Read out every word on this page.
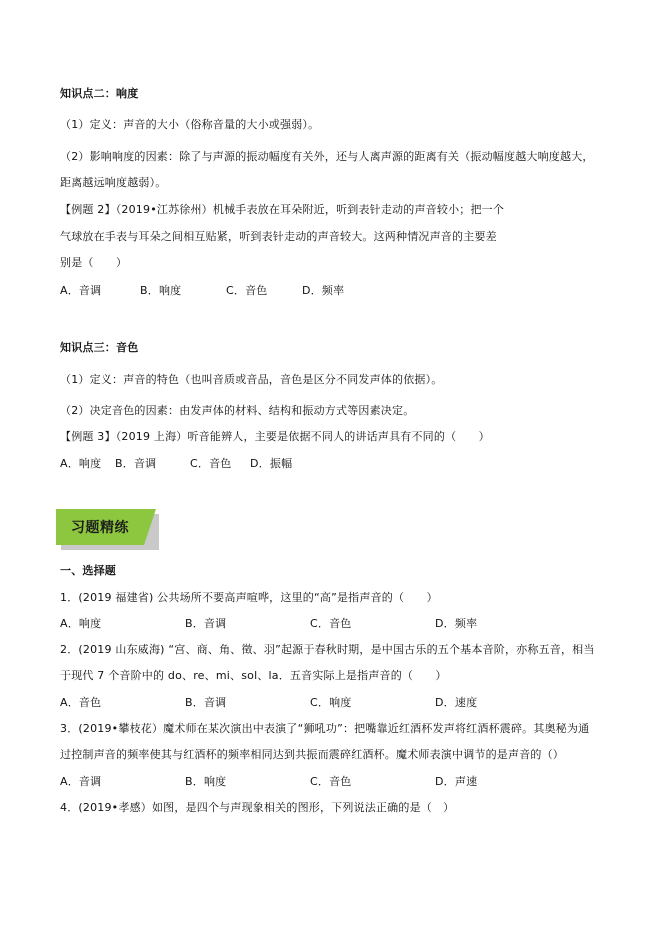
知识点二：响度
（1）定义：声音的大小（俗称音量的大小或强弱）。
（2）影响响度的因素：除了与声源的振动幅度有关外，还与人离声源的距离有关（振动幅度越大响度越大，
距离越远响度越弱）。
【例题 2】（2019•江苏徐州）机械手表放在耳朵附近，听到表针走动的声音较小；把一个
气球放在手表与耳朵之间相互贴紧，听到表针走动的声音较大。这两种情况声音的主要差
别是（　　）
A．音调	B．响度	C．音色	D．频率
知识点三：音色
（1）定义：声音的特色（也叫音质或音品，音色是区分不同发声体的依据）。
（2）决定音色的因素：由发声体的材料、结构和振动方式等因素决定。
【例题 3】（2019 上海）听音能辨人，主要是依据不同人的讲话声具有不同的（　　）
A．响度 B．音调	C．音色 D．振幅
习题精练
一、选择题
1．(2019 福建省) 公共场所不要高声喧哗，这里的“高”是指声音的（　　）
A．响度	B．音调	C．音色	D．频率
2．(2019 山东威海) “宫、商、角、徵、羽”起源于春秋时期，是中国古乐的五个基本音阶，亦称五音，相当
于现代 7 个音阶中的 do、re、mi、sol、la．五音实际上是指声音的（　　）
A．音色	B．音调	C．响度	D．速度
3．(2019•攀枝花）魔术师在某次演出中表演了“狮吼功”：把嘴靠近红酒杯发声将红酒杯震碎。其奥秘为通
过控制声音的频率使其与红酒杯的频率相同达到共振而震碎红酒杯。魔术师表演中调节的是声音的（）
A．音调	B．响度	C．音色	D．声速
4．(2019•孝感）如图，是四个与声现象相关的图形，下列说法正确的是（　）
